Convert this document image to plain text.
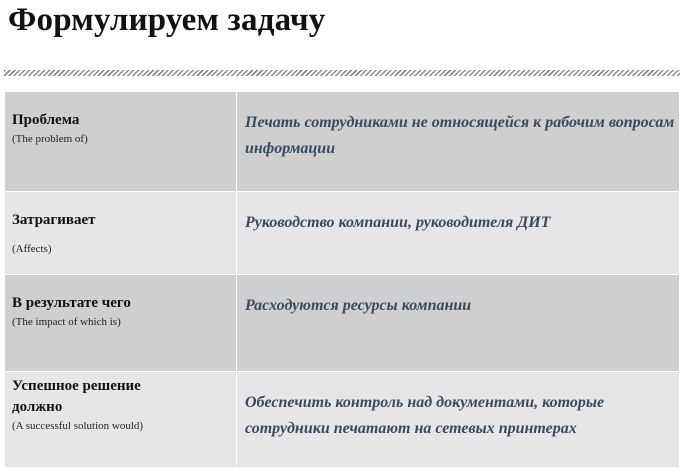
Формулируем задачу
Проблема
(The problem of)	Печать сотрудниками не относящейся к рабочим вопросам информации

Затрагивает
(Affects)	Руководство компании, руководителя ДИТ

В результате чего
(The impact of which is)	Расходуются ресурсы компании

Успешное решение должно
(A successful solution would)	Обеспечить контроль над документами, которые сотрудники печатают на сетевых принтерах
